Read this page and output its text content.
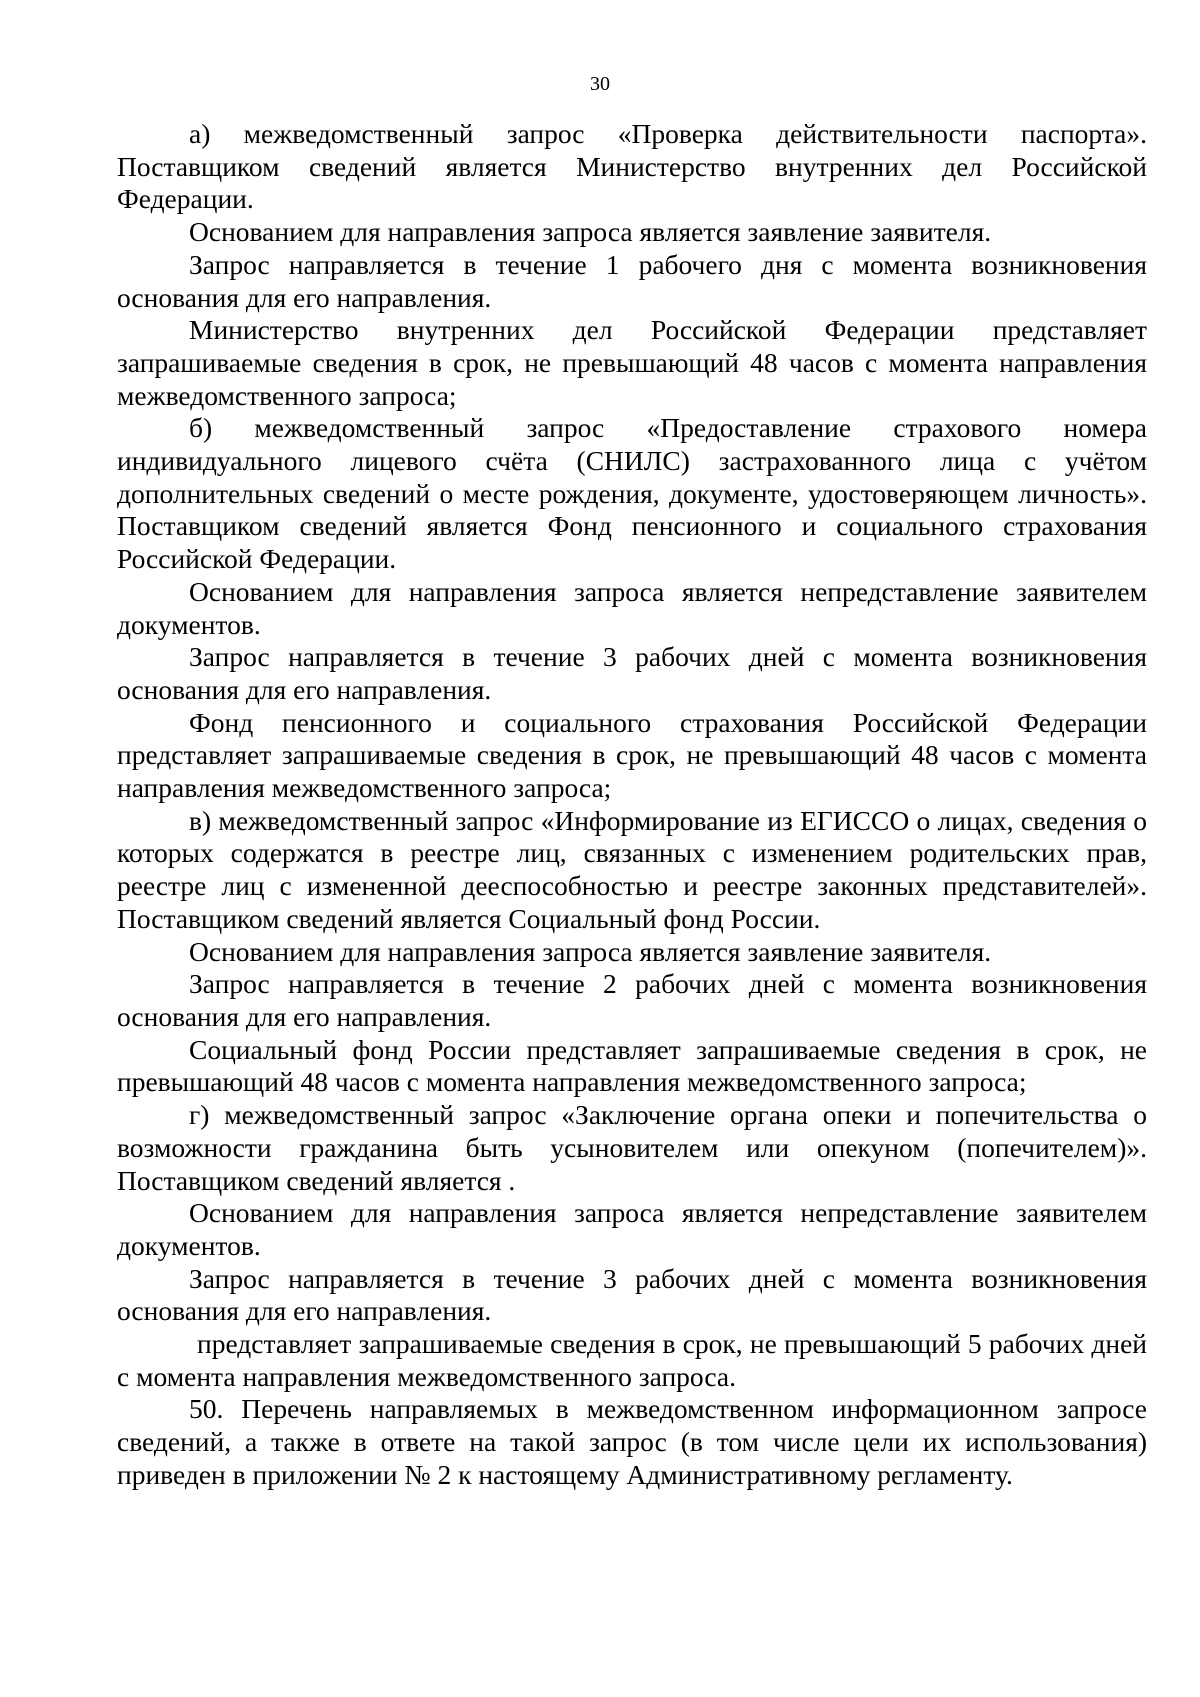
30

а) межведомственный запрос «Проверка действительности паспорта». Поставщиком сведений является Министерство внутренних дел Российской Федерации.

Основанием для направления запроса является заявление заявителя.

Запрос направляется в течение 1 рабочего дня с момента возникновения основания для его направления.

Министерство внутренних дел Российской Федерации представляет запрашиваемые сведения в срок, не превышающий 48 часов с момента направления межведомственного запроса;

б) межведомственный запрос «Предоставление страхового номера индивидуального лицевого счёта (СНИЛС) застрахованного лица с учётом дополнительных сведений о месте рождения, документе, удостоверяющем личность». Поставщиком сведений является Фонд пенсионного и социального страхования Российской Федерации.

Основанием для направления запроса является непредставление заявителем документов.

Запрос направляется в течение 3 рабочих дней с момента возникновения основания для его направления.

Фонд пенсионного и социального страхования Российской Федерации представляет запрашиваемые сведения в срок, не превышающий 48 часов с момента направления межведомственного запроса;

в) межведомственный запрос «Информирование из ЕГИССО о лицах, сведения о которых содержатся в реестре лиц, связанных с изменением родительских прав, реестре лиц с измененной дееспособностью и реестре законных представителей». Поставщиком сведений является Социальный фонд России.

Основанием для направления запроса является заявление заявителя.

Запрос направляется в течение 2 рабочих дней с момента возникновения основания для его направления.

Социальный фонд России представляет запрашиваемые сведения в срок, не превышающий 48 часов с момента направления межведомственного запроса;

г) межведомственный запрос «Заключение органа опеки и попечительства о возможности гражданина быть усыновителем или опекуном (попечителем)». Поставщиком сведений является .

Основанием для направления запроса является непредставление заявителем документов.

Запрос направляется в течение 3 рабочих дней с момента возникновения основания для его направления.

представляет запрашиваемые сведения в срок, не превышающий 5 рабочих дней с момента направления межведомственного запроса.

50. Перечень направляемых в межведомственном информационном запросе сведений, а также в ответе на такой запрос (в том числе цели их использования) приведен в приложении № 2 к настоящему Административному регламенту.
